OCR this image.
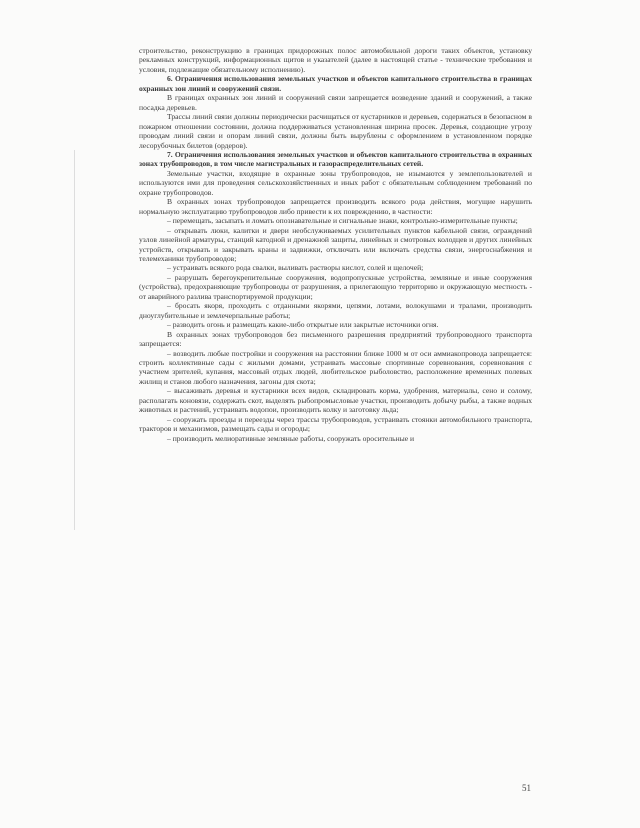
строительство, реконструкцию в границах придорожных полос автомобильной дороги таких объектов, установку рекламных конструкций, информационных щитов и указателей (далее в настоящей статье - технические требования и условия, подлежащие обязательному исполнению).

6. Ограничения использования земельных участков и объектов капитального строительства в границах охранных зон линий и сооружений связи.

В границах охранных зон линий и сооружений связи запрещается возведение зданий и сооружений, а также посадка деревьев.

Трассы линий связи должны периодически расчищаться от кустарников и деревьев, содержаться в безопасном в пожарном отношении состоянии, должна поддерживаться установленная ширина просек. Деревья, создающие угрозу проводам линий связи и опорам линий связи, должны быть вырублены с оформлением в установленном порядке лесорубочных билетов (ордеров).

7. Ограничения использования земельных участков и объектов капитального строительства в охранных зонах трубопроводов, в том числе магистральных и газораспределительных сетей.

Земельные участки, входящие в охранные зоны трубопроводов, не изымаются у землепользователей и используются ими для проведения сельскохозяйственных и иных работ с обязательным соблюдением требований по охране трубопроводов.

В охранных зонах трубопроводов запрещается производить всякого рода действия, могущие нарушить нормальную эксплуатацию трубопроводов либо привести к их повреждению, в частности:

– перемещать, засыпать и ломать опознавательные и сигнальные знаки, контрольно-измерительные пункты;

– открывать люки, калитки и двери необслуживаемых усилительных пунктов кабельной связи, ограждений узлов линейной арматуры, станций катодной и дренажной защиты, линейных и смотровых колодцев и других линейных устройств, открывать и закрывать краны и задвижки, отключать или включать средства связи, энергоснабжения и телемеханики трубопроводов;

– устраивать всякого рода свалки, выливать растворы кислот, солей и щелочей;

– разрушать берегоукрепительные сооружения, водопропускные устройства, земляные и иные сооружения (устройства), предохраняющие трубопроводы от разрушения, а прилегающую территорию и окружающую местность - от аварийного разлива транспортируемой продукции;

– бросать якоря, проходить с отданными якорями, цепями, лотами, волокушами и тралами, производить дноуглубительные и землечерпальные работы;

– разводить огонь и размещать какие-либо открытые или закрытые источники огня.

В охранных зонах трубопроводов без письменного разрешения предприятий трубопроводного транспорта запрещается:

– возводить любые постройки и сооружения на расстоянии ближе 1000 м от оси аммиакопровода запрещается: строить коллективные сады с жилыми домами, устраивать массовые спортивные соревнования, соревнования с участием зрителей, купания, массовый отдых людей, любительское рыболовство, расположение временных полевых жилищ и станов любого назначения, загоны для скота;

– высаживать деревья и кустарники всех видов, складировать корма, удобрения, материалы, сено и солому, располагать коновязи, содержать скот, выделять рыбопромысловые участки, производить добычу рыбы, а также водных животных и растений, устраивать водопои, производить колку и заготовку льда;

– сооружать проезды и переезды через трассы трубопроводов, устраивать стоянки автомобильного транспорта, тракторов и механизмов, размещать сады и огороды;

– производить мелиоративные земляные работы, сооружать оросительные и

51
